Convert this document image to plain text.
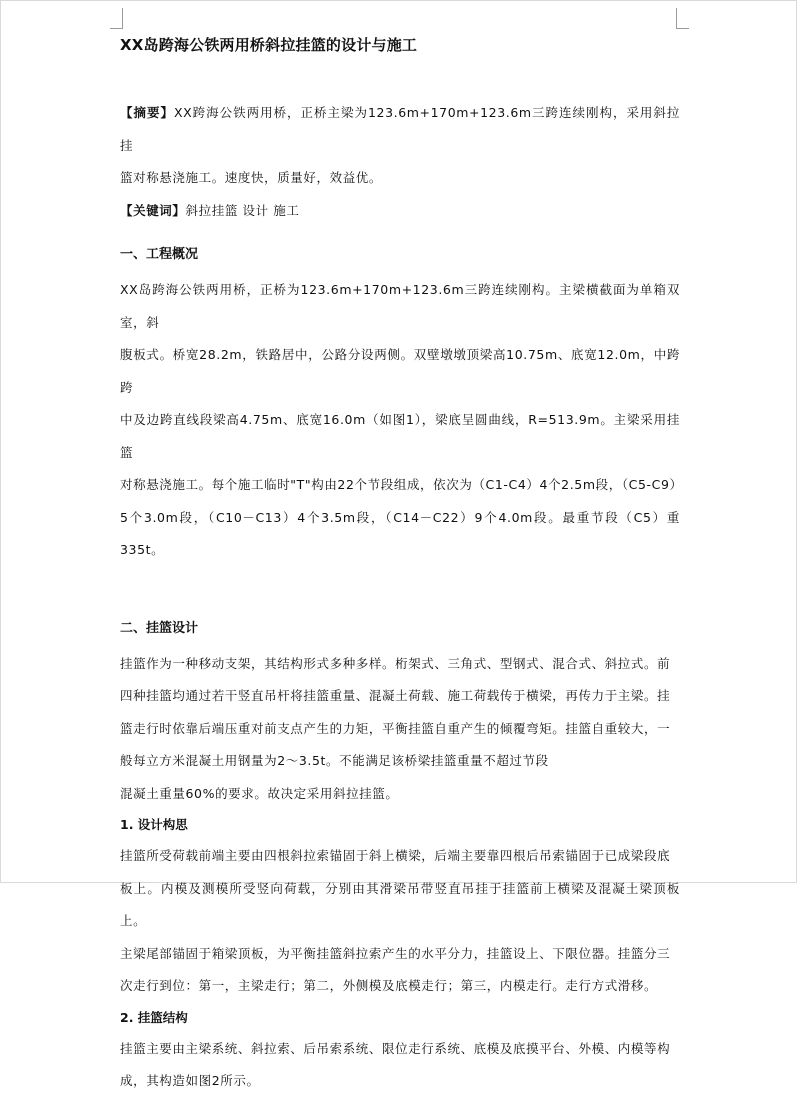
XX岛跨海公铁两用桥斜拉挂篮的设计与施工

【摘要】XX跨海公铁两用桥，正桥主梁为123.6m+170m+123.6m三跨连续刚构，采用斜拉挂

篮对称悬浇施工。速度快，质量好，效益优。

【关键词】斜拉挂篮 设计 施工

一、工程概况

XX岛跨海公铁两用桥，正桥为123.6m+170m+123.6m三跨连续刚构。主梁横截面为单箱双室，斜

腹板式。桥宽28.2m，铁路居中，公路分设两侧。双壁墩墩顶梁高10.75m、底宽12.0m，中跨跨

中及边跨直线段梁高4.75m、底宽16.0m（如图1），梁底呈圆曲线，R=513.9m。主梁采用挂篮

对称悬浇施工。每个施工临时"T"构由22个节段组成，依次为（C1-C4）4个2.5m段，（C5-C9）

5个3.0m段，（C10－C13）4个3.5m段，（C14－C22）9个4.0m段。最重节段（C5）重335t。

二、挂篮设计

挂篮作为一种移动支架，其结构形式多种多样。桁架式、三角式、型钢式、混合式、斜拉式。前

四种挂篮均通过若干竖直吊杆将挂篮重量、混凝土荷载、施工荷载传于横梁，再传力于主梁。挂

篮走行时依靠后端压重对前支点产生的力矩，平衡挂篮自重产生的倾覆弯矩。挂篮自重较大，一

般每立方米混凝土用钢量为2～3.5t。不能满足该桥梁挂篮重量不超过节段

混凝土重量60%的要求。故决定采用斜拉挂篮。

1. 设计构思

挂篮所受荷载前端主要由四根斜拉索锚固于斜上横梁，后端主要靠四根后吊索锚固于已成梁段底

板上。内模及测模所受竖向荷载，分别由其滑梁吊带竖直吊挂于挂篮前上横梁及混凝土梁顶板上。

主梁尾部锚固于箱梁顶板，为平衡挂篮斜拉索产生的水平分力，挂篮设上、下限位器。挂篮分三

次走行到位：第一，主梁走行；第二，外侧模及底模走行；第三，内模走行。走行方式滑移。

2. 挂篮结构

挂篮主要由主梁系统、斜拉索、后吊索系统、限位走行系统、底模及底摸平台、外模、内模等构

成，其构造如图2所示。
